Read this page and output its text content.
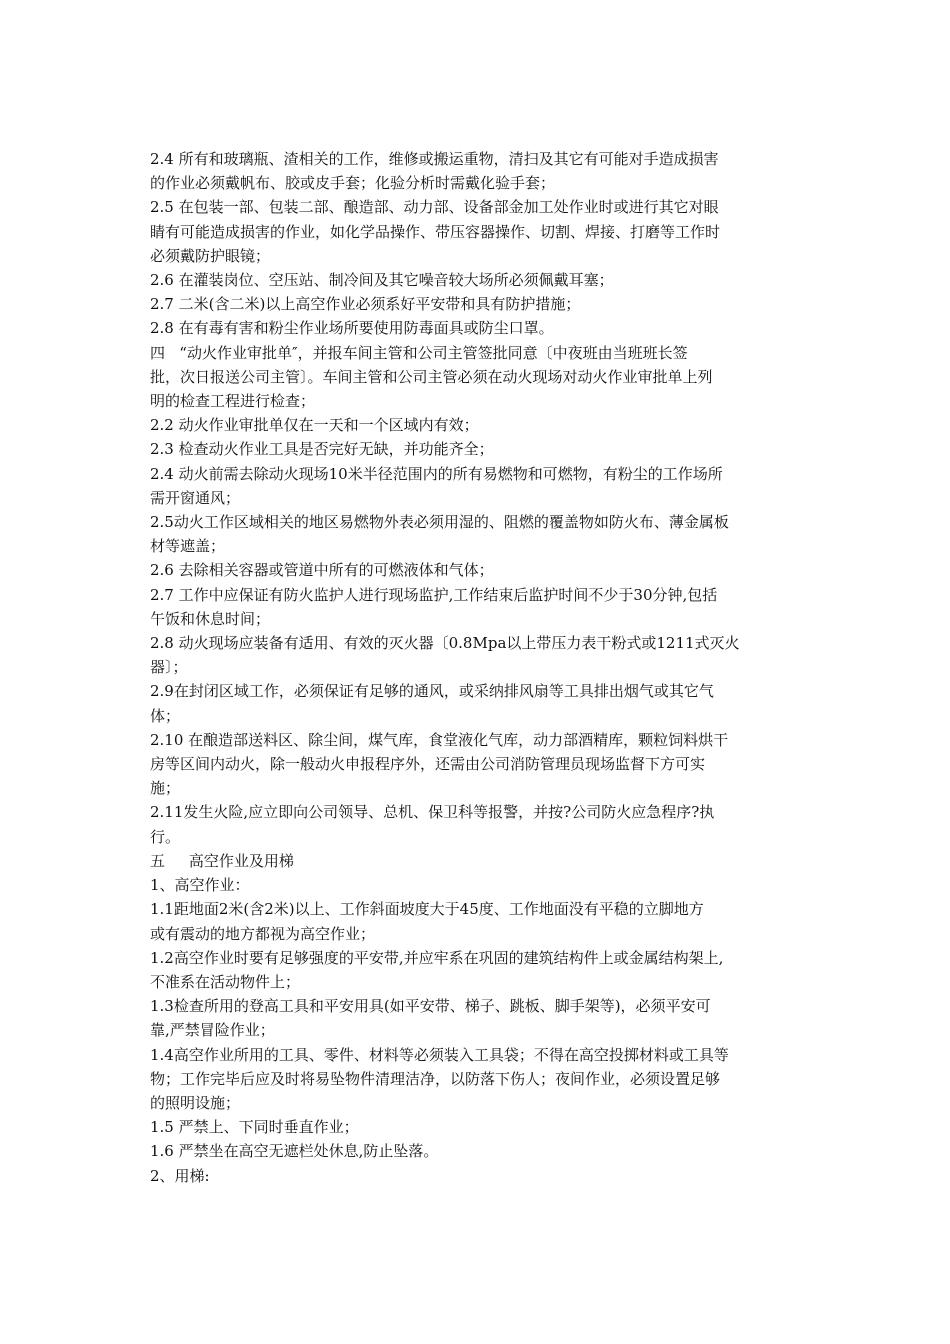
2.4 所有和玻璃瓶、渣相关的工作，维修或搬运重物，清扫及其它有可能对手造成损害
的作业必须戴帆布、胶或皮手套；化验分析时需戴化验手套；
2.5 在包装一部、包装二部、酿造部、动力部、设备部金加工处作业时或进行其它对眼
睛有可能造成损害的作业，如化学品操作、带压容器操作、切割、焊接、打磨等工作时
必须戴防护眼镜；
2.6 在灌装岗位、空压站、制冷间及其它噪音较大场所必须佩戴耳塞；
2.7 二米(含二米)以上高空作业必须系好平安带和具有防护措施；
2.8 在有毒有害和粉尘作业场所要使用防毒面具或防尘口罩。
四   “动火作业审批单″，并报车间主管和公司主管签批同意〔中夜班由当班班长签
批，次日报送公司主管〕。车间主管和公司主管必须在动火现场对动火作业审批单上列
明的检查工程进行检查；
2.2 动火作业审批单仅在一天和一个区域内有效；
2.3 检查动火作业工具是否完好无缺，并功能齐全；
2.4 动火前需去除动火现场10米半径范围内的所有易燃物和可燃物，有粉尘的工作场所
需开窗通风；
2.5动火工作区域相关的地区易燃物外表必须用湿的、阻燃的覆盖物如防火布、薄金属板
材等遮盖；
2.6 去除相关容器或管道中所有的可燃液体和气体；
2.7 工作中应保证有防火监护人进行现场监护,工作结束后监护时间不少于30分钟,包括
午饭和休息时间；
2.8 动火现场应装备有适用、有效的灭火器〔0.8Mpa以上带压力表干粉式或1211式灭火
器〕；
2.9在封闭区域工作，必须保证有足够的通风，或采纳排风扇等工具排出烟气或其它气
体；
2.10 在酿造部送料区、除尘间，煤气库，食堂液化气库，动力部酒精库，颗粒饲料烘干
房等区间内动火，除一般动火申报程序外，还需由公司消防管理员现场监督下方可实
施；
2.11发生火险,应立即向公司领导、总机、保卫科等报警，并按?公司防火应急程序?执
行。
五     高空作业及用梯
1、高空作业：
1.1距地面2米(含2米)以上、工作斜面坡度大于45度、工作地面没有平稳的立脚地方
或有震动的地方都视为高空作业；
1.2高空作业时要有足够强度的平安带,并应牢系在巩固的建筑结构件上或金属结构架上,
不准系在活动物件上；
1.3检查所用的登高工具和平安用具(如平安带、梯子、跳板、脚手架等)，必须平安可
靠,严禁冒险作业；
1.4高空作业所用的工具、零件、材料等必须装入工具袋；不得在高空投掷材料或工具等
物；工作完毕后应及时将易坠物件清理洁净，以防落下伤人；夜间作业，必须设置足够
的照明设施；
1.5 严禁上、下同时垂直作业；
1.6 严禁坐在高空无遮栏处休息,防止坠落。
2、用梯:
